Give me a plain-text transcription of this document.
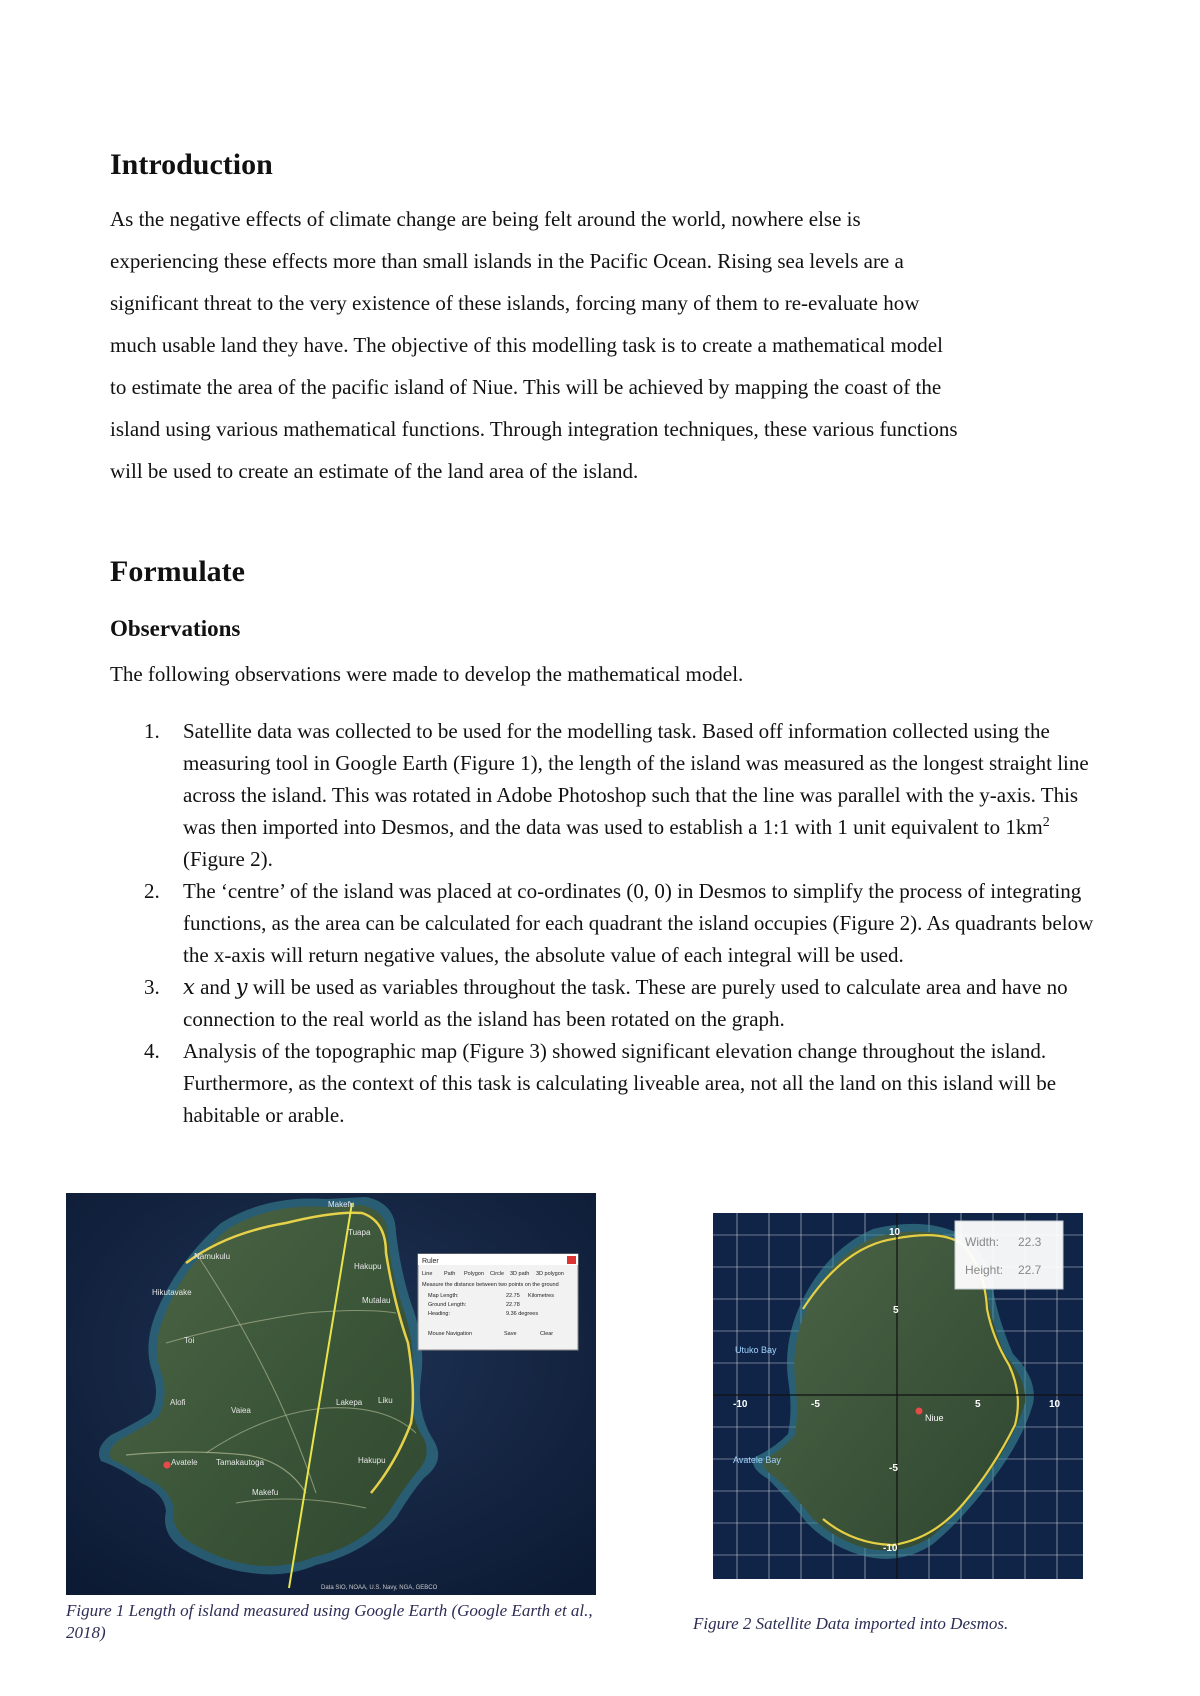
Introduction
As the negative effects of climate change are being felt around the world, nowhere else is
experiencing these effects more than small islands in the Pacific Ocean. Rising sea levels are a
significant threat to the very existence of these islands, forcing many of them to re-evaluate how
much usable land they have. The objective of this modelling task is to create a mathematical model
to estimate the area of the pacific island of Niue. This will be achieved by mapping the coast of the
island using various mathematical functions. Through integration techniques, these various functions
will be used to create an estimate of the land area of the island.
Formulate
Observations

The following observations were made to develop the mathematical model.

1. Satellite data was collected to be used for the modelling task. Based off information collected using the measuring tool in Google Earth (Figure 1), the length of the island was measured as the longest straight line across the island. This was rotated in Adobe Photoshop such that the line was parallel with the y-axis. This was then imported into Desmos, and the data was used to establish a 1:1 with 1 unit equivalent to $1km^2$ (Figure 2).
2. The ‘centre’ of the island was placed at co-ordinates (0, 0) in Desmos to simplify the process of integrating functions, as the area can be calculated for each quadrant the island occupies (Figure 2). As quadrants below the x-axis will return negative values, the absolute value of each integral will be used.
3. x and y will be used as variables throughout the task. These are purely used to calculate area and have no connection to the real world as the island has been rotated on the graph.
4. Analysis of the topographic map (Figure 3) showed significant elevation change throughout the island. Furthermore, as the context of this task is calculating liveable area, not all the land on this island will be habitable or arable.
Makefu
Tuapa
Namukulu
Hikutavake
Toi
Liku
Hakupu
Lakepa
Mutalau
Vaiea
Avatele Tamakautoga
Alofi
Makefu
Hakupu
Ruler
Line Path Polygon Circle 3D path 3D polygon
Measure the distance between two points on the ground
Map Length:	22.75 Kilometres
Ground Length:	22.78
Heading:	9.36 degrees
Mouse Navigation	Save	Clear
Data SIO, NOAA, U.S. Navy, NGA, GEBCO
Figure 1 Length of island measured using Google Earth (Google Earth et al., 2018)
10
5
-10	-5	5	10
-5
-10
Utuko Bay
Avatele Bay
Niue
Width: 22.3
Height: 22.7
Figure 2 Satellite Data imported into Desmos.
